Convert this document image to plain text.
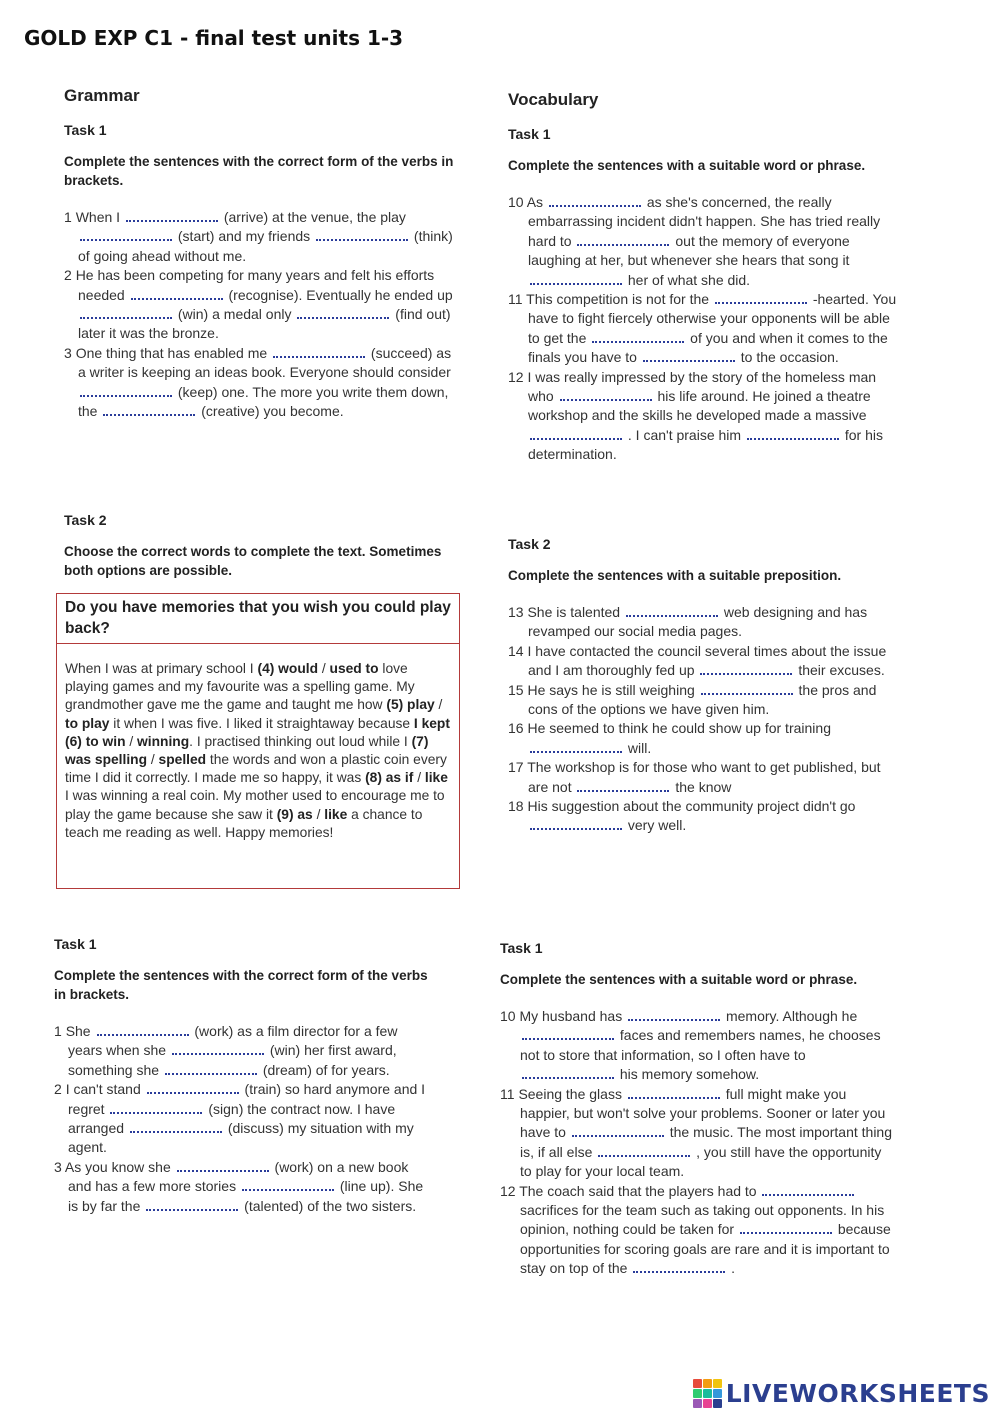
GOLD EXP C1 - final test units 1-3
Grammar
Task 1
Complete the sentences with the correct form of the verbs in brackets.
1 When I	(arrive) at the venue, the play  (start) and my friends	(think) of going ahead without me.
2 He has been competing for many years and felt his efforts needed	(recognise). Eventually he ended up  (win) a medal only	(find out) later it was the bronze.
3 One thing that has enabled me	(succeed) as a writer is keeping an ideas book. Everyone should consider  (keep) one. The more you write them down, the	(creative) you become.
Task 2
Choose the correct words to complete the text. Sometimes both options are possible.
Do you have memories that you wish you could play back?
When I was at primary school I (4) would / used to love playing games and my favourite was a spelling game. My grandmother gave me the game and taught me how (5) play / to play it when I was five. I liked it straightaway because I kept (6) to win / winning. I practised thinking out loud while I (7) was spelling / spelled the words and won a plastic coin every time I did it correctly. I made me so happy, it was (8) as if / like I was winning a real coin. My mother used to encourage me to play the game because she saw it (9) as / like a chance to teach me reading as well. Happy memories!
Vocabulary
Task 1
Complete the sentences with a suitable word or phrase.
10 As	as she's concerned, the really embarrassing incident didn't happen. She has tried really hard to	out the memory of everyone laughing at her, but whenever she hears that song it  her of what she did.
11 This competition is not for the	-hearted. You have to fight fiercely otherwise your opponents will be able to get the	of you and when it comes to the finals you have to	to the occasion.
12 I was really impressed by the story of the homeless man who	his life around. He joined a theatre workshop and the skills he developed made a massive  . I can't praise him	for his determination.
Task 2
Complete the sentences with a suitable preposition.
13 She is talented	web designing and has revamped our social media pages.
14 I have contacted the council several times about the issue and I am thoroughly fed up	their excuses.
15 He says he is still weighing	the pros and cons of the options we have given him.
16 He seemed to think he could show up for training  will.
17 The workshop is for those who want to get published, but are not	the know
18 His suggestion about the community project didn't go  very well.
Task 1
Complete the sentences with the correct form of the verbs in brackets.
1 She	(work) as a film director for a few years when she	(win) her first award, something she	(dream) of for years.
2 I can't stand	(train) so hard anymore and I regret	(sign) the contract now. I have arranged	(discuss) my situation with my agent.
3 As you know she	(work) on a new book and has a few more stories	(line up). She is by far the	(talented) of the two sisters.
Task 1
Complete the sentences with a suitable word or phrase.
10 My husband has	memory. Although he  faces and remembers names, he chooses not to store that information, so I often have to  his memory somehow.
11 Seeing the glass	full might make you happier, but won't solve your problems. Sooner or later you have to	the music. The most important thing is, if all else	, you still have the opportunity to play for your local team.
12 The coach said that the players had to  sacrifices for the team such as taking out opponents. In his opinion, nothing could be taken for	because opportunities for scoring goals are rare and it is important to stay on top of the	.
LIVEWORKSHEETS
